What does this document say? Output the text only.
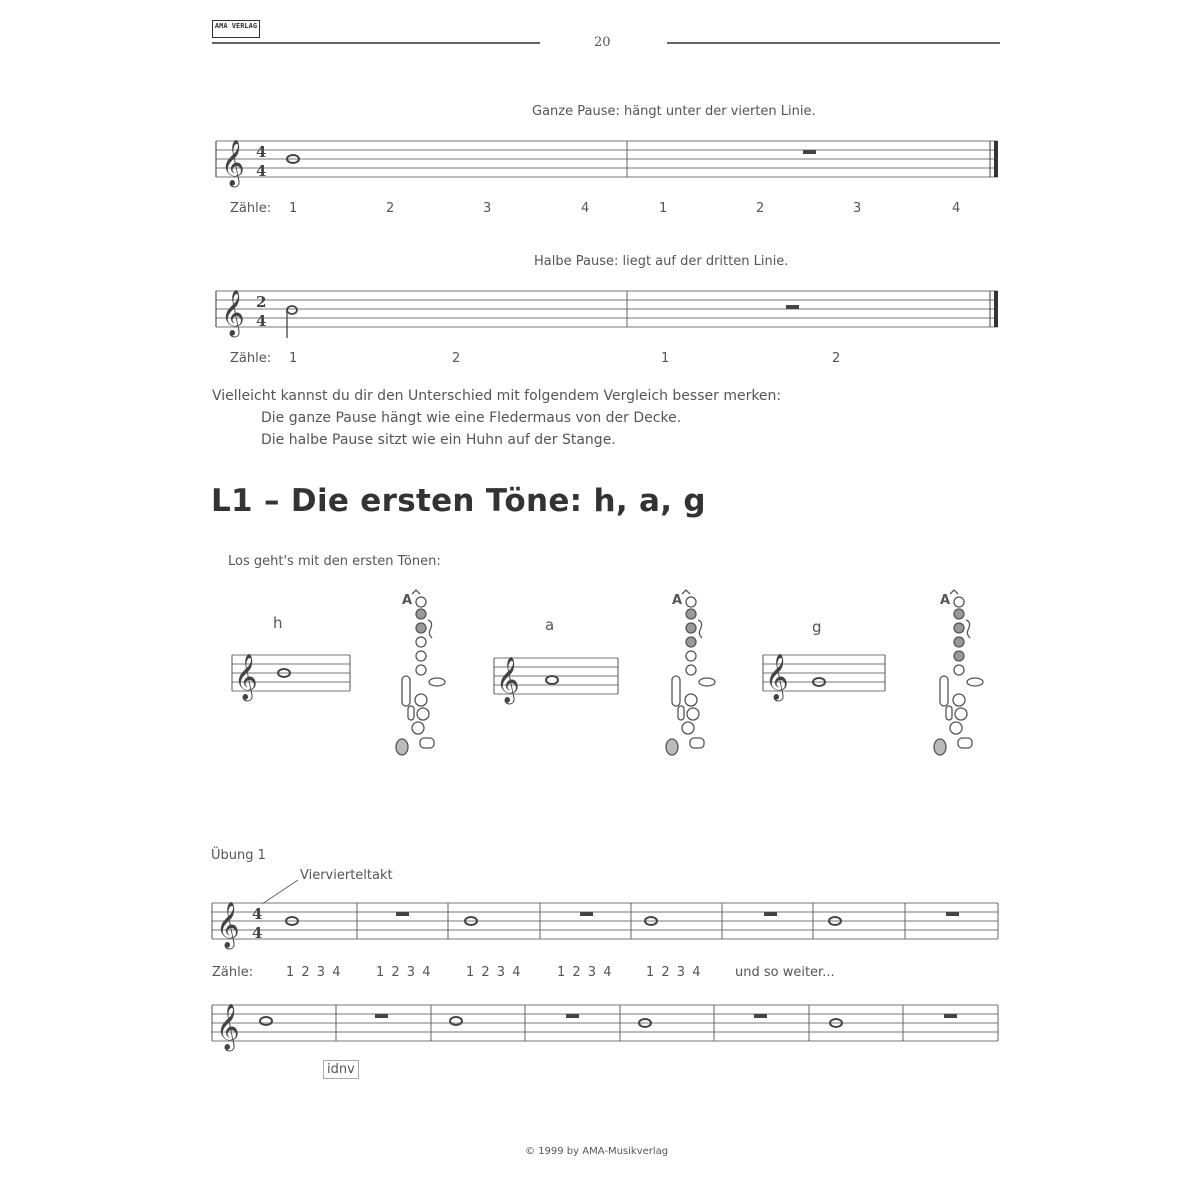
AMA VERLAG
20
Ganze Pause: hängt unter der vierten Linie.
𝄞 4
4
Zähle: 1	2	3	4	1	2	3	4
Halbe Pause: liegt auf der dritten Linie.
𝄞 2
4
Zähle: 1	2	1	2
Vielleicht kannst du dir den Unterschied mit folgendem Vergleich besser merken:
Die ganze Pause hängt wie eine Fledermaus von der Decke.
Die halbe Pause sitzt wie ein Huhn auf der Stange.
L1 – Die ersten Töne: h, a, g
Los geht's mit den ersten Tönen:
h	a	g
𝄞	𝄞	𝄞
A	A	A
Übung 1
Viervierteltakt
𝄞 4
4
Zähle:	1 2 3 4	1 2 3 4	1 2 3 4	1 2 3 4	1 2 3 4	und so weiter...
𝄞
idnv
© 1999 by AMA-Musikverlag
